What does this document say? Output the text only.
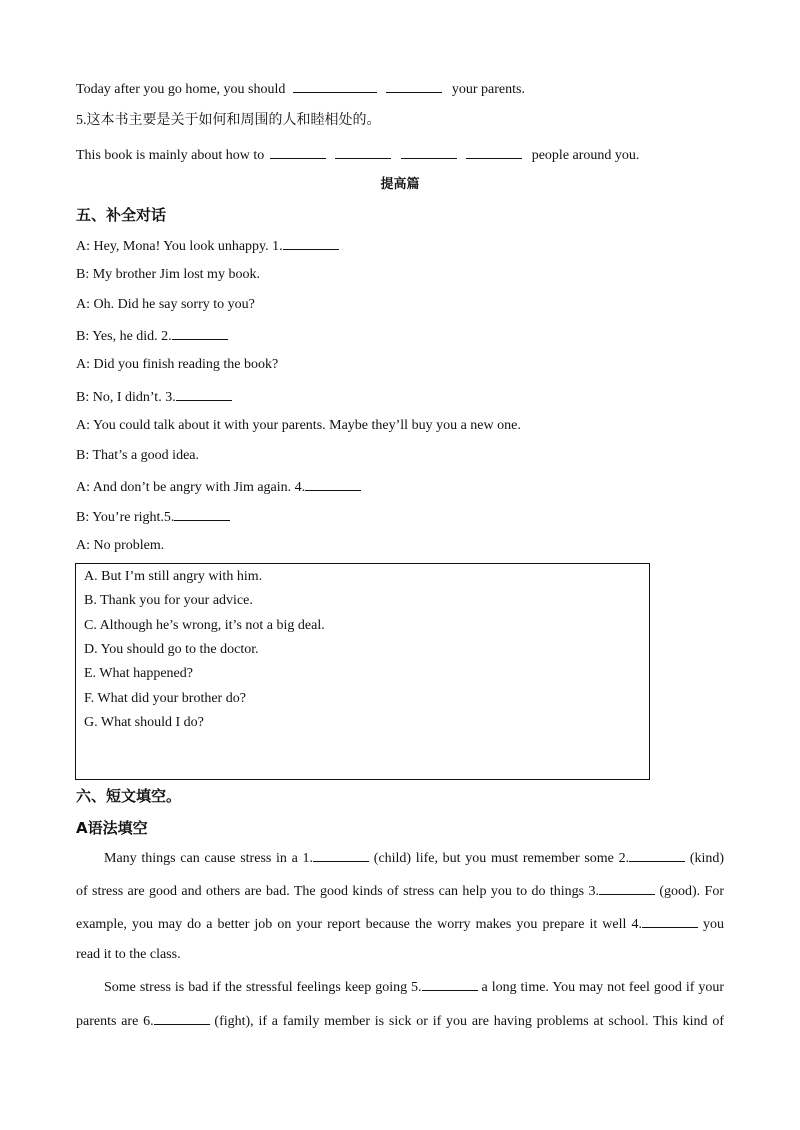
Today after you go home, you should	your parents.
5.这本书主要是关于如何和周围的人和睦相处的。
This book is mainly about how to	people around you.
提高篇
五、补全对话
A: Hey, Mona! You look unhappy. 1.
B: My brother Jim lost my book.
A: Oh. Did he say sorry to you?
B: Yes, he did. 2.
A: Did you finish reading the book?
B: No, I didn’t. 3.
A: You could talk about it with your parents. Maybe they’ll buy you a new one.
B: That’s a good idea.
A: And don’t be angry with Jim again. 4.
B: You’re right.5.
A: No problem.
A. But I’m still angry with him.
B. Thank you for your advice.
C. Although he’s wrong, it’s not a big deal.
D. You should go to the doctor.
E. What happened?
F. What did your brother do?
G. What should I do?
六、短文填空。
A语法填空
Many things can cause stress in a 1.	(child) life, but you must remember some 2.	(kind)
of stress are good and others are bad. The good kinds of stress can help you to do things 3.	(good). For
example, you may do a better job on your report because the worry makes you prepare it well 4.	you
read it to the class.
Some stress is bad if the stressful feelings keep going 5.	a long time. You may not feel good if your
parents are 6.	(fight), if a family member is sick or if you are having problems at school. This kind of
